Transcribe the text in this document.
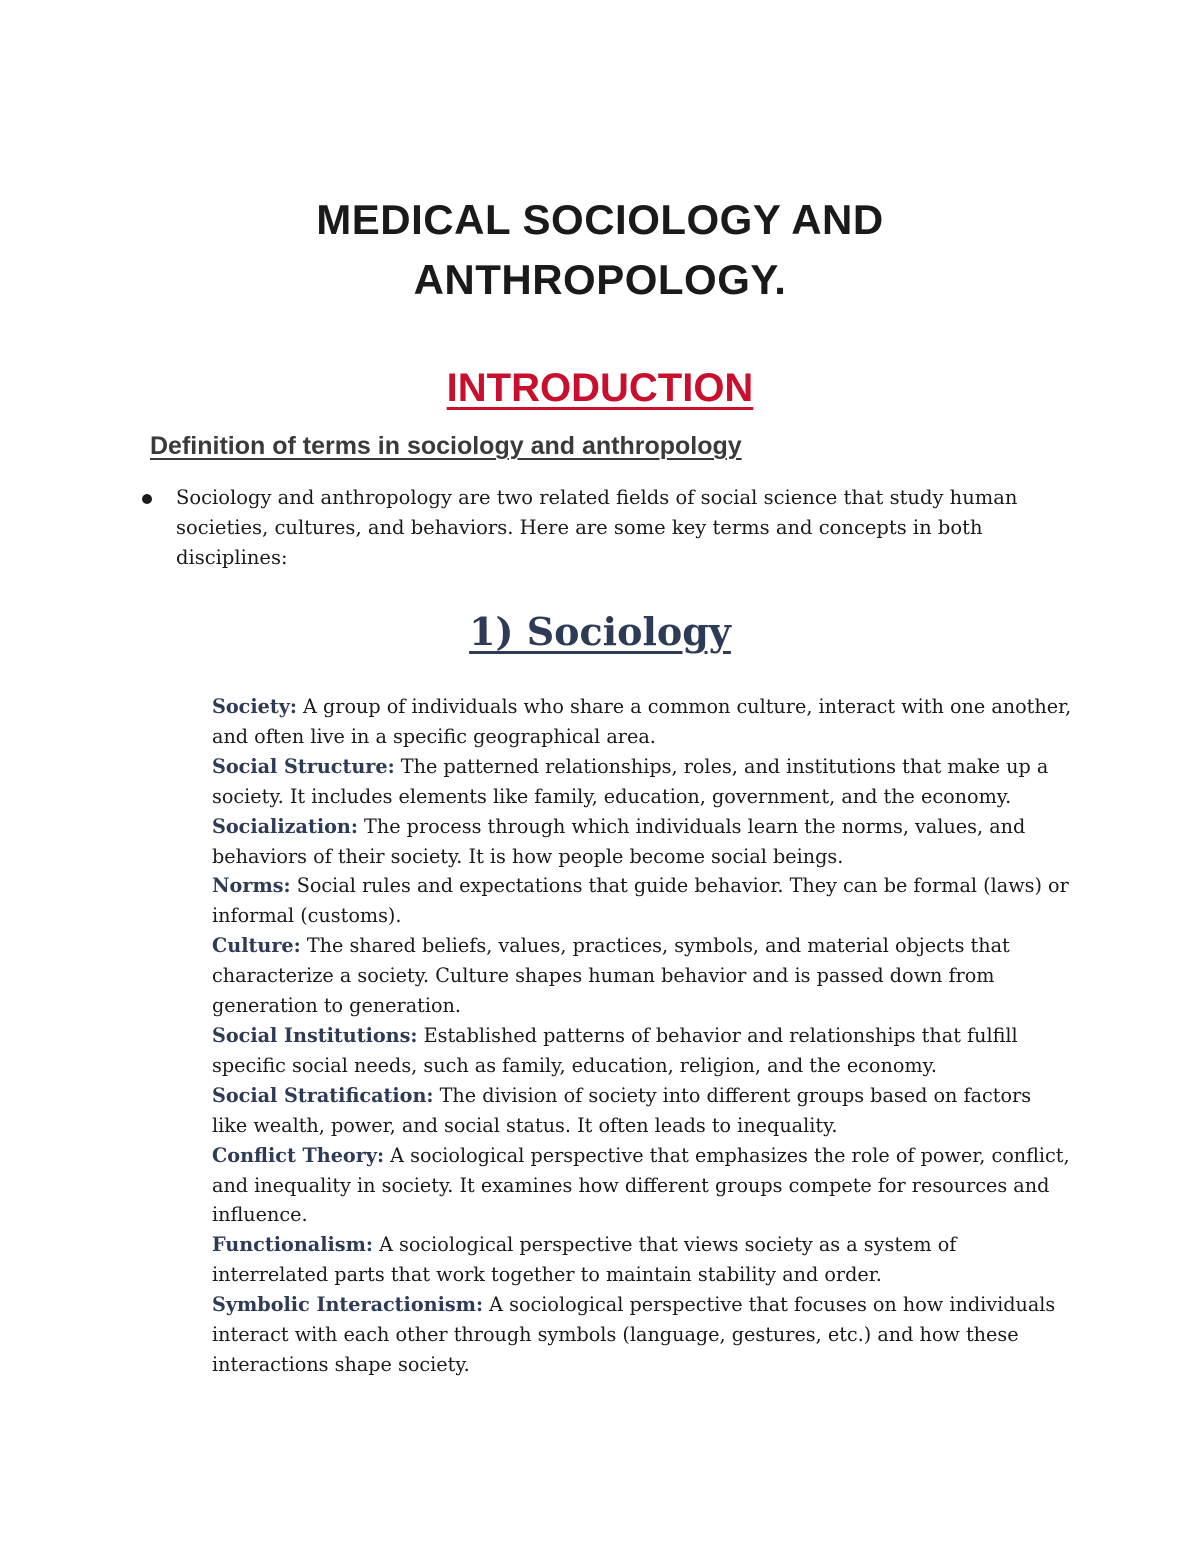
MEDICAL SOCIOLOGY AND
ANTHROPOLOGY.
INTRODUCTION
Definition of terms in sociology and anthropology
Sociology and anthropology are two related fields of social science that study human societies, cultures, and behaviors. Here are some key terms and concepts in both disciplines:
1) Sociology

Society: A group of individuals who share a common culture, interact with one another, and often live in a specific geographical area.

Social Structure: The patterned relationships, roles, and institutions that make up a society. It includes elements like family, education, government, and the economy.

Socialization: The process through which individuals learn the norms, values, and behaviors of their society. It is how people become social beings.

Norms: Social rules and expectations that guide behavior. They can be formal (laws) or informal (customs).

Culture: The shared beliefs, values, practices, symbols, and material objects that characterize a society. Culture shapes human behavior and is passed down from generation to generation.

Social Institutions: Established patterns of behavior and relationships that fulfill specific social needs, such as family, education, religion, and the economy.

Social Stratification: The division of society into different groups based on factors like wealth, power, and social status. It often leads to inequality.

Conflict Theory: A sociological perspective that emphasizes the role of power, conflict, and inequality in society. It examines how different groups compete for resources and influence.

Functionalism: A sociological perspective that views society as a system of interrelated parts that work together to maintain stability and order.

Symbolic Interactionism: A sociological perspective that focuses on how individuals interact with each other through symbols (language, gestures, etc.) and how these interactions shape society.
